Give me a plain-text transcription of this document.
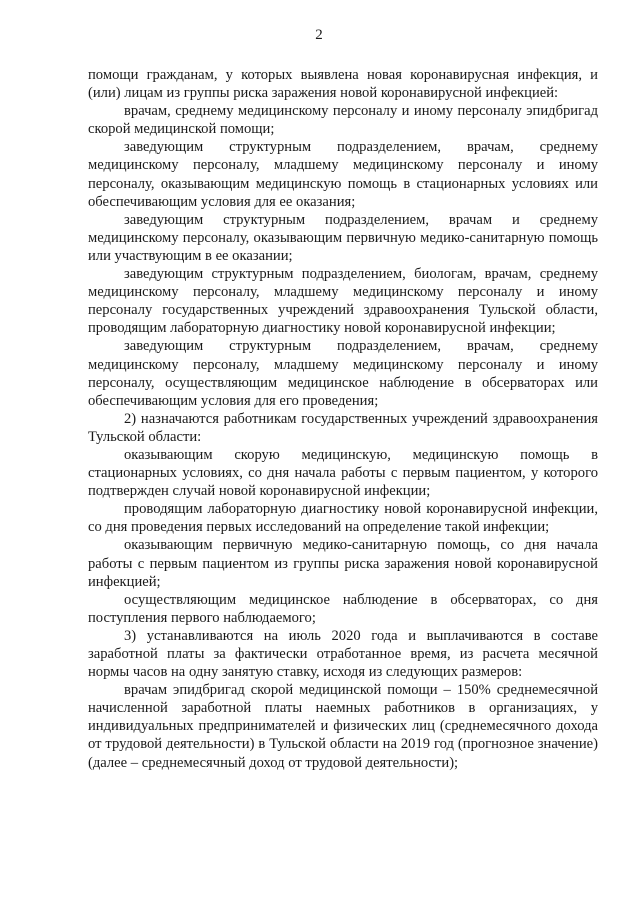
2

помощи гражданам, у которых выявлена новая коронавирусная инфекция, и (или) лицам из группы риска заражения новой коронавирусной инфекцией:

врачам, среднему медицинскому персоналу и иному персоналу эпидбригад скорой медицинской помощи;

заведующим структурным подразделением, врачам, среднему медицинскому персоналу, младшему медицинскому персоналу и иному персоналу, оказывающим медицинскую помощь в стационарных условиях или обеспечивающим условия для ее оказания;

заведующим структурным подразделением, врачам и среднему медицинскому персоналу, оказывающим первичную медико-санитарную помощь или участвующим в ее оказании;

заведующим структурным подразделением, биологам, врачам, среднему медицинскому персоналу, младшему медицинскому персоналу и иному персоналу государственных учреждений здравоохранения Тульской области, проводящим лабораторную диагностику новой коронавирусной инфекции;

заведующим структурным подразделением, врачам, среднему медицинскому персоналу, младшему медицинскому персоналу и иному персоналу, осуществляющим медицинское наблюдение в обсерваторах или обеспечивающим условия для его проведения;

2) назначаются работникам государственных учреждений здравоохранения Тульской области:

оказывающим скорую медицинскую, медицинскую помощь в стационарных условиях, со дня начала работы с первым пациентом, у которого подтвержден случай новой коронавирусной инфекции;

проводящим лабораторную диагностику новой коронавирусной инфекции, со дня проведения первых исследований на определение такой инфекции;

оказывающим первичную медико-санитарную помощь, со дня начала работы с первым пациентом из группы риска заражения новой коронавирусной инфекцией;

осуществляющим медицинское наблюдение в обсерваторах, со дня поступления первого наблюдаемого;

3) устанавливаются на июль 2020 года и выплачиваются в составе заработной платы за фактически отработанное время, из расчета месячной нормы часов на одну занятую ставку, исходя из следующих размеров:

врачам эпидбригад скорой медицинской помощи – 150% среднемесячной начисленной заработной платы наемных работников в организациях, у индивидуальных предпринимателей и физических лиц (среднемесячного дохода от трудовой деятельности) в Тульской области на 2019 год (прогнозное значение) (далее – среднемесячный доход от трудовой деятельности);
